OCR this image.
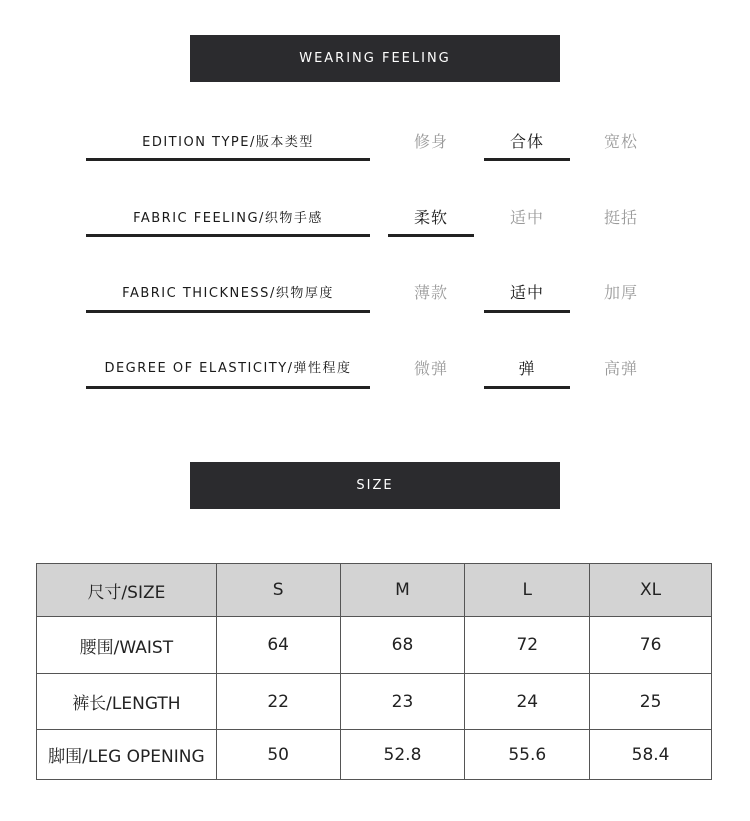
WEARING FEELING
EDITION TYPE/版本类型	修身	合体	宽松
FABRIC FEELING/织物手感	柔软	适中	挺括
FABRIC THICKNESS/织物厚度	薄款	适中	加厚
DEGREE OF ELASTICITY/弹性程度	微弹	弹	高弹
SIZE
尺寸/SIZE	S	M	L	XL
腰围/WAIST	64	68	72	76
裤长/LENGTH	22	23	24	25
脚围/LEG OPENING	50	52.8	55.6	58.4
